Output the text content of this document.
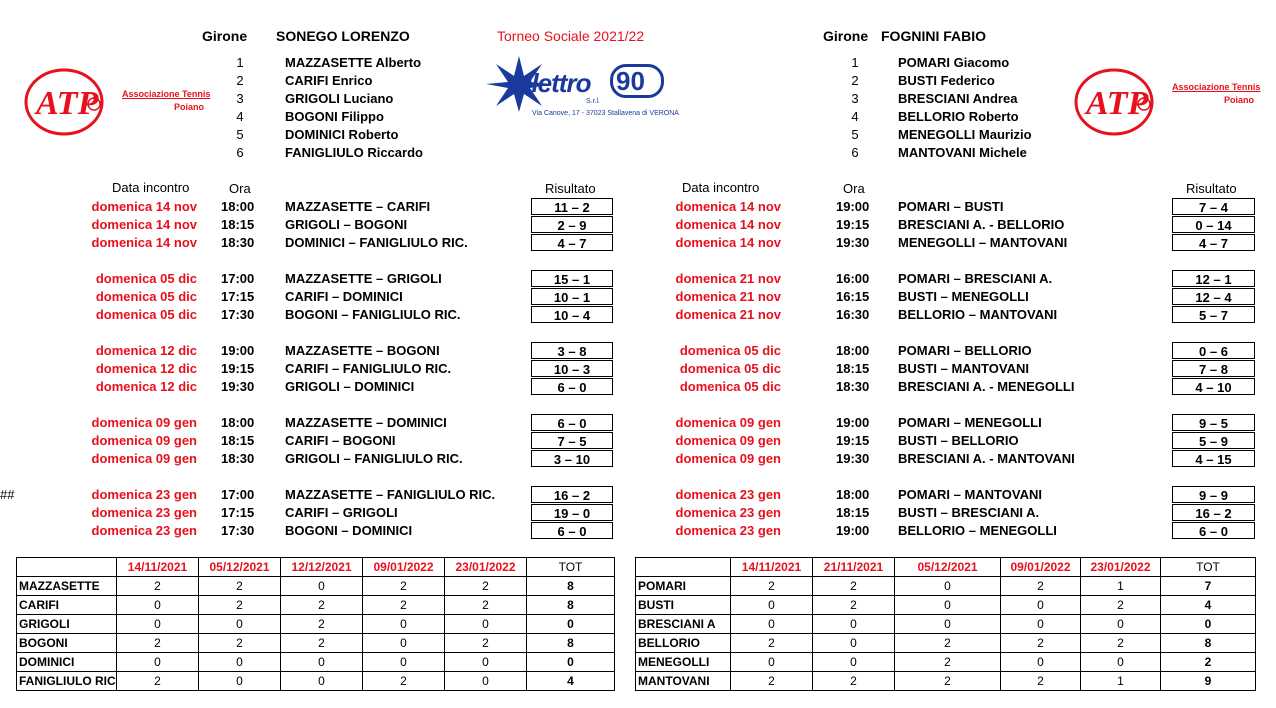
Girone SONEGO LORENZO	Torneo Sociale 2021/22	Girone FOGNINI FABIO
ATP	Associazione Tennis
Poiano	ATP	Associazione Tennis
Poiano
elettro 90
S.r.l.
Via Canove, 17 - 37023 Stallavena di VERONA
1	MAZZASETTE Alberto
2	CARIFI Enrico
3	GRIGOLI Luciano
4	BOGONI Filippo
5	DOMINICI Roberto
6	FANIGLIULO Riccardo
1	POMARI Giacomo
2	BUSTI Federico
3	BRESCIANI Andrea
4	BELLORIO Roberto
5	MENEGOLLI Maurizio
6	MANTOVANI Michele
Data incontro	Ora	Risultato	Data incontro	Ora	Risultato
##
domenica 14 nov 18:00 MAZZASETTE – CARIFI	11 – 2
domenica 14 nov 18:15 GRIGOLI – BOGONI	2 – 9
domenica 14 nov 18:30 DOMINICI – FANIGLIULO RIC.	4 – 7
domenica 05 dic 17:00 MAZZASETTE – GRIGOLI	15 – 1
domenica 05 dic 17:15 CARIFI – DOMINICI	10 – 1
domenica 05 dic 17:30 BOGONI – FANIGLIULO RIC.	10 – 4
domenica 12 dic 19:00 MAZZASETTE – BOGONI	3 – 8
domenica 12 dic 19:15 CARIFI – FANIGLIULO RIC.	10 – 3
domenica 12 dic 19:30 GRIGOLI – DOMINICI	6 – 0
domenica 09 gen 18:00 MAZZASETTE – DOMINICI	6 – 0
domenica 09 gen 18:15 CARIFI – BOGONI	7 – 5
domenica 09 gen 18:30 GRIGOLI – FANIGLIULO RIC.	3 – 10
domenica 23 gen 17:00 MAZZASETTE – FANIGLIULO RIC.	16 – 2
domenica 23 gen 17:15 CARIFI – GRIGOLI	19 – 0
domenica 23 gen 17:30 BOGONI – DOMINICI	6 – 0
domenica 14 nov	19:00 POMARI – BUSTI	7 – 4
domenica 14 nov	19:15 BRESCIANI A. - BELLORIO	0 – 14
domenica 14 nov	19:30 MENEGOLLI – MANTOVANI	4 – 7
domenica 21 nov	16:00 POMARI – BRESCIANI A.	12 – 1
domenica 21 nov	16:15 BUSTI – MENEGOLLI	12 – 4
domenica 21 nov	16:30 BELLORIO – MANTOVANI	5 – 7
domenica 05 dic	18:00 POMARI – BELLORIO	0 – 6
domenica 05 dic	18:15 BUSTI – MANTOVANI	7 – 8
domenica 05 dic	18:30 BRESCIANI A. - MENEGOLLI	4 – 10
domenica 09 gen	19:00 POMARI – MENEGOLLI	9 – 5
domenica 09 gen	19:15 BUSTI – BELLORIO	5 – 9
domenica 09 gen	19:30 BRESCIANI A. - MANTOVANI	4 – 15
domenica 23 gen	18:00 POMARI – MANTOVANI	9 – 9
domenica 23 gen	18:15 BUSTI – BRESCIANI A.	16 – 2
domenica 23 gen	19:00 BELLORIO – MENEGOLLI	6 – 0
	14/11/2021	05/12/2021	12/12/2021	09/01/2022	23/01/2022	TOT
MAZZASETTE	2	2	0	2	2	8
CARIFI	0	2	2	2	2	8
GRIGOLI	0	0	2	0	0	0
BOGONI	2	2	2	0	2	8
DOMINICI	0	0	0	0	0	0
FANIGLIULO RIC	2	0	0	2	0	4
	14/11/2021	21/11/2021	05/12/2021	09/01/2022	23/01/2022	TOT
POMARI	2	2	0	2	1	7
BUSTI	0	2	0	0	2	4
BRESCIANI A	0	0	0	0	0	0
BELLORIO	2	0	2	2	2	8
MENEGOLLI	0	0	2	0	0	2
MANTOVANI	2	2	2	2	1	9
